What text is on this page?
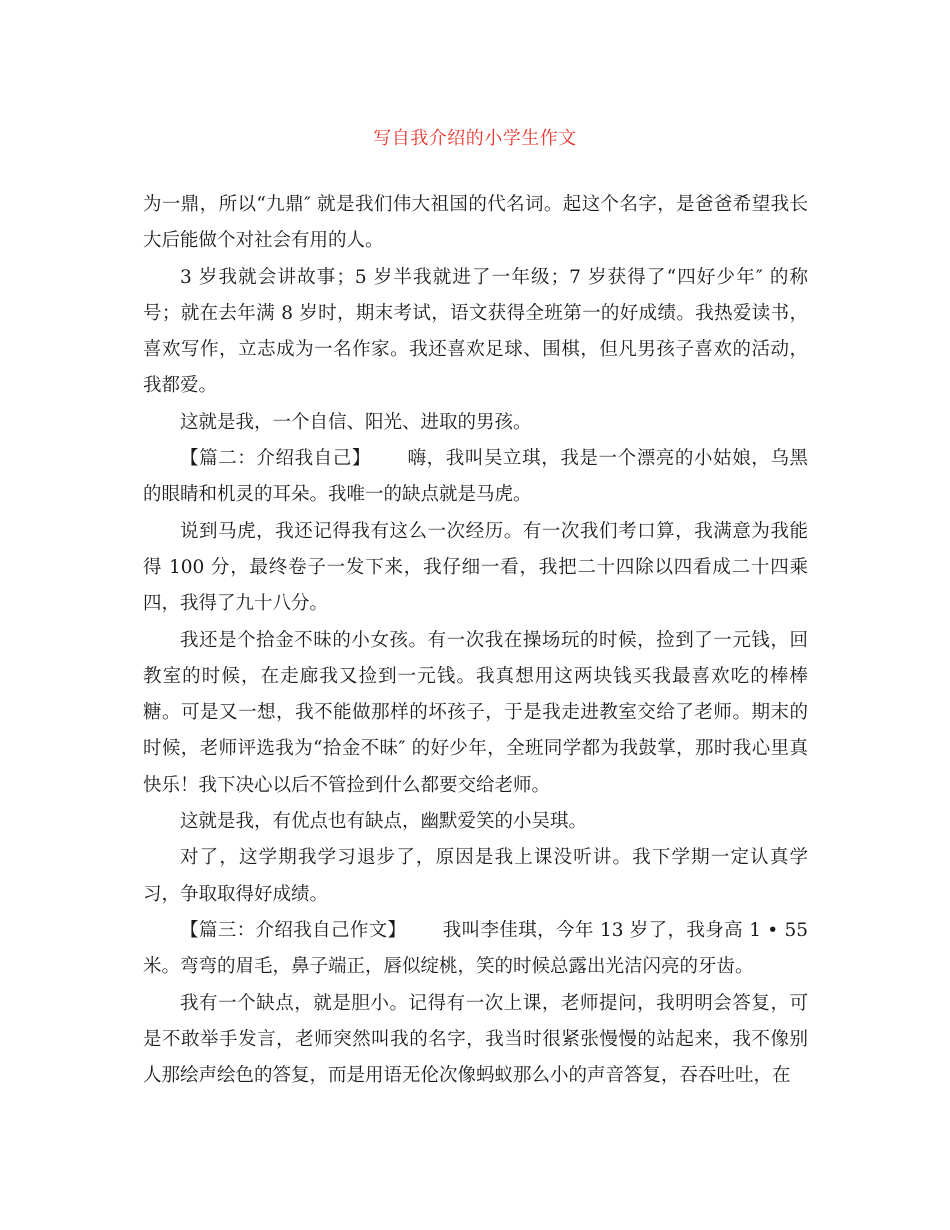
写自我介绍的小学生作文

为一鼎，所以“九鼎″ 就是我们伟大祖国的代名词。起这个名字，是爸爸希望我长大后能做个对社会有用的人。

3 岁我就会讲故事；5 岁半我就进了一年级；7 岁获得了“四好少年″ 的称号；就在去年满 8 岁时，期末考试，语文获得全班第一的好成绩。我热爱读书，喜欢写作，立志成为一名作家。我还喜欢足球、围棋，但凡男孩子喜欢的活动，我都爱。

这就是我，一个自信、阳光、进取的男孩。

【篇二：介绍我自己】 嗨，我叫吴立琪，我是一个漂亮的小姑娘，乌黑的眼睛和机灵的耳朵。我唯一的缺点就是马虎。

说到马虎，我还记得我有这么一次经历。有一次我们考口算，我满意为我能得 100 分，最终卷子一发下来，我仔细一看，我把二十四除以四看成二十四乘四，我得了九十八分。

我还是个拾金不昧的小女孩。有一次我在操场玩的时候，捡到了一元钱，回教室的时候，在走廊我又捡到一元钱。我真想用这两块钱买我最喜欢吃的棒棒糖。可是又一想，我不能做那样的坏孩子，于是我走进教室交给了老师。期末的时候，老师评选我为“拾金不昧″ 的好少年，全班同学都为我鼓掌，那时我心里真快乐！我下决心以后不管捡到什么都要交给老师。

这就是我，有优点也有缺点，幽默爱笑的小吴琪。

对了，这学期我学习退步了，原因是我上课没听讲。我下学期一定认真学习，争取取得好成绩。

【篇三：介绍我自己作文】 我叫李佳琪，今年 13 岁了，我身高 1 • 55 米。弯弯的眉毛，鼻子端正，唇似绽桃，笑的时候总露出光洁闪亮的牙齿。

我有一个缺点，就是胆小。记得有一次上课，老师提问，我明明会答复，可是不敢举手发言，老师突然叫我的名字，我当时很紧张慢慢的站起来，我不像别人那绘声绘色的答复，而是用语无伦次像蚂蚁那么小的声音答复，吞吞吐吐，在
